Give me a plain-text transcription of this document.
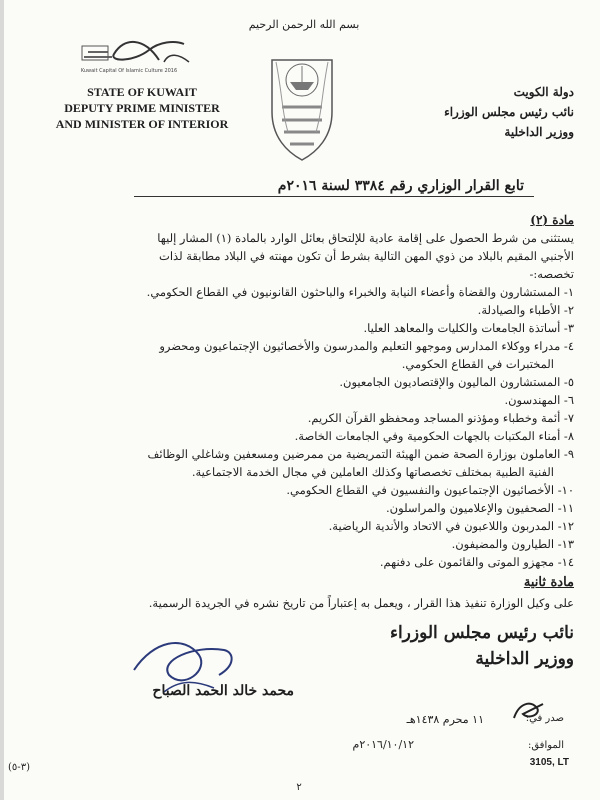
بسم الله الرحمن الرحيم
Kuwait Capital Of Islamic Culture 2016
STATE OF KUWAIT
DEPUTY PRIME MINISTER
AND MINISTER OF INTERIOR
دولة الكويت
نائب رئيس مجلس الوزراء
ووزير الداخلية
تابع القرار الوزاري رقم ٣٣٨٤ لسنة ٢٠١٦م
مادة (٢)
يستثنى من شرط الحصول على إقامة عادية للإلتحاق بعائل الوارد بالمادة (١) المشار إليها
الأجنبي المقيم بالبلاد من ذوي المهن التالية بشرط أن تكون مهنته في البلاد مطابقة لذات
تخصصه:-
١- المستشارون والقضاة وأعضاء النيابة والخبراء والباحثون القانونيون في القطاع الحكومي.
٢- الأطباء والصيادلة.
٣- أساتذة الجامعات والكليات والمعاهد العليا.
٤- مدراء ووكلاء المدارس وموجهو التعليم والمدرسون والأخصائيون الإجتماعيون ومحضرو
المختبرات في القطاع الحكومي.
٥- المستشارون الماليون والإقتصاديون الجامعيون.
٦- المهندسون.
٧- أئمة وخطباء ومؤذنو المساجد ومحفظو القرآن الكريم.
٨- أمناء المكتبات بالجهات الحكومية وفي الجامعات الخاصة.
٩- العاملون بوزارة الصحة ضمن الهيئة التمريضية من ممرضين ومسعفين وشاغلي الوظائف
الفنية الطبية بمختلف تخصصاتها وكذلك العاملين في مجال الخدمة الاجتماعية.
١٠- الأخصائيون الإجتماعيون والنفسيون في القطاع الحكومي.
١١- الصحفيون والإعلاميون والمراسلون.
١٢- المدربون واللاعبون في الاتحاد والأندية الرياضية.
١٣- الطيارون والمضيفون.
١٤- مجهزو الموتى والقائمون على دفنهم.
مادة ثانية
على وكيل الوزارة تنفيذ هذا القرار ، ويعمل به إعتباراً من تاريخ نشره في الجريدة الرسمية.
نائب رئيس مجلس الوزراء
ووزير الداخلية
محمد خالد الحمد الصباح
صدر في:
١١ محرم ١٤٣٨هـ
الموافق:
٢٠١٦/١٠/١٢م
3105, LT
٢
(٣-٥)
